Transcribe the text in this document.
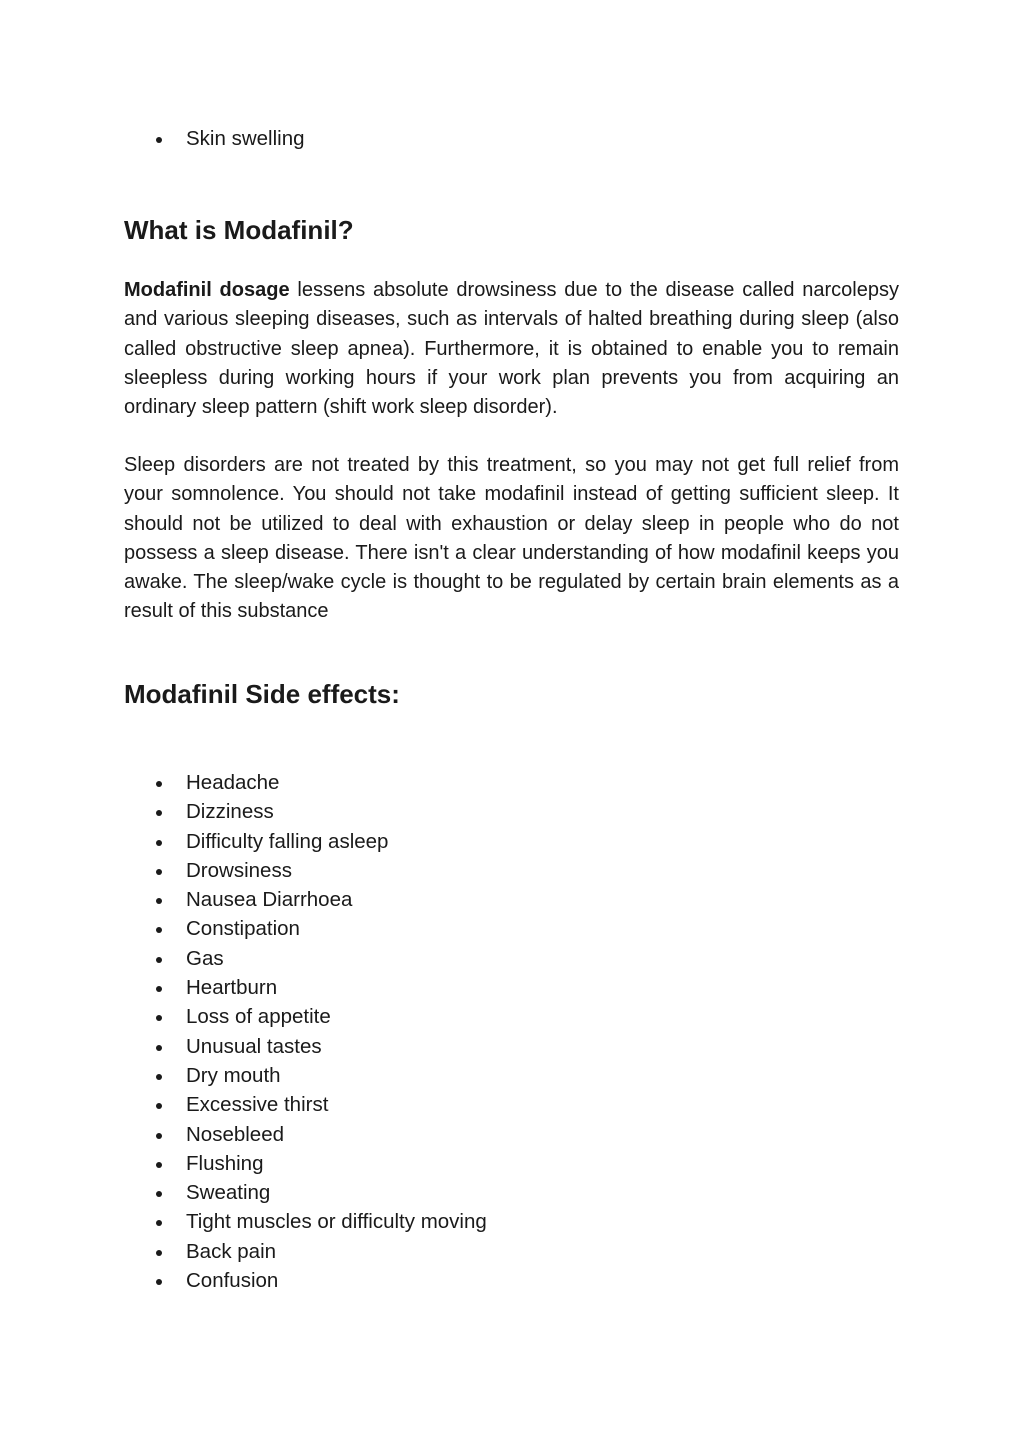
Skin swelling
What is Modafinil?

Modafinil dosage lessens absolute drowsiness due to the disease called narcolepsy and various sleeping diseases, such as intervals of halted breathing during sleep (also called obstructive sleep apnea). Furthermore, it is obtained to enable you to remain sleepless during working hours if your work plan prevents you from acquiring an ordinary sleep pattern (shift work sleep disorder).

Sleep disorders are not treated by this treatment, so you may not get full relief from your somnolence. You should not take modafinil instead of getting sufficient sleep. It should not be utilized to deal with exhaustion or delay sleep in people who do not possess a sleep disease. There isn't a clear understanding of how modafinil keeps you awake. The sleep/wake cycle is thought to be regulated by certain brain elements as a result of this substance

Modafinil Side effects:
Headache
Dizziness
Difficulty falling asleep
Drowsiness
Nausea Diarrhoea
Constipation
Gas
Heartburn
Loss of appetite
Unusual tastes
Dry mouth
Excessive thirst
Nosebleed
Flushing
Sweating
Tight muscles or difficulty moving
Back pain
Confusion
